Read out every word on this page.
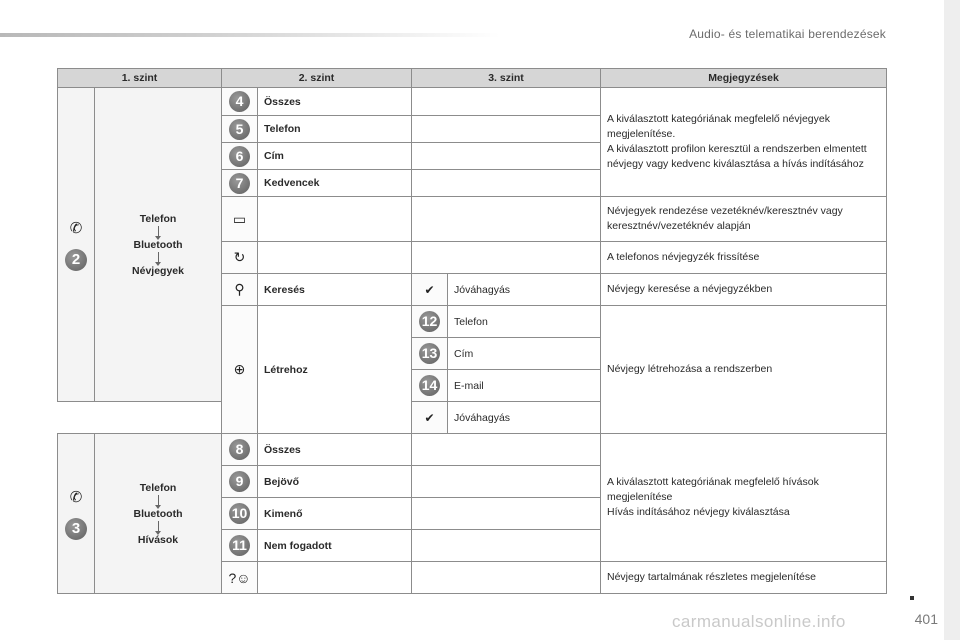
Audio- és telematikai berendezések
1. szint		2. szint		3. szint		Megjegyzések

✆
2	Telefon
Bluetooth
Névjegyek	4	Összes			A kiválasztott kategóriának megfelelő névjegyek megjelenítése.
A kiválasztott profilon keresztül a rendszerben elmentett névjegy vagy kedvenc kiválasztása a hívás indításához
		5	Telefon			
		6	Cím			
		7	Kedvencek			
		▭				Névjegyek rendezése vezetéknév/keresztnév vagy keresztnév/vezetéknév alapján
		↻				A telefonos névjegyzék frissítése
		⚲	Keresés	✔	Jóváhagyás	Névjegy keresése a névjegyzékben
		⊕	Létrehoz	12	Telefon	Névjegy létrehozása a rendszerben
				13	Cím	
				14	E-mail	
				✔	Jóváhagyás	

✆
3	Telefon
Bluetooth
Hívások	8	Összes			A kiválasztott kategóriának megfelelő hívások megjelenítése
Hívás indításához névjegy kiválasztása
		9	Bejövő			
		10	Kimenő			
		11	Nem fogadott			
		?☺				Névjegy tartalmának részletes megjelenítése
carmanualsonline.info	401
